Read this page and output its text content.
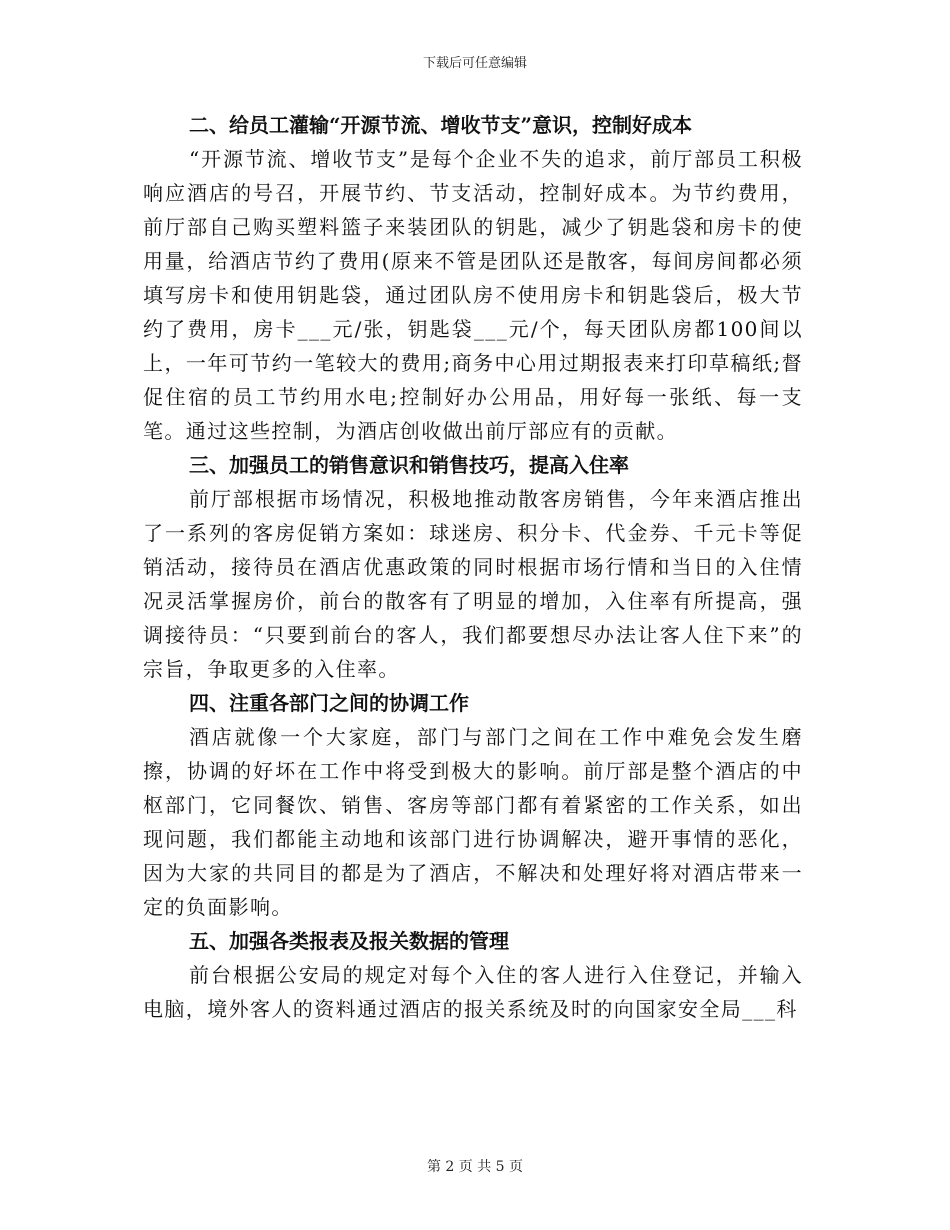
下载后可任意编辑

二、给员工灌输“开源节流、增收节支”意识，控制好成本

“开源节流、增收节支”是每个企业不失的追求，前厅部员工积极响应酒店的号召，开展节约、节支活动，控制好成本。为节约费用，前厅部自己购买塑料篮子来装团队的钥匙，减少了钥匙袋和房卡的使用量，给酒店节约了费用(原来不管是团队还是散客，每间房间都必须填写房卡和使用钥匙袋，通过团队房不使用房卡和钥匙袋后，极大节约了费用，房卡___元/张，钥匙袋___元/个，每天团队房都100间以上，一年可节约一笔较大的费用;商务中心用过期报表来打印草稿纸;督促住宿的员工节约用水电;控制好办公用品，用好每一张纸、每一支笔。通过这些控制，为酒店创收做出前厅部应有的贡献。

三、加强员工的销售意识和销售技巧，提高入住率

前厅部根据市场情况，积极地推动散客房销售，今年来酒店推出了一系列的客房促销方案如：球迷房、积分卡、代金券、千元卡等促销活动，接待员在酒店优惠政策的同时根据市场行情和当日的入住情况灵活掌握房价，前台的散客有了明显的增加，入住率有所提高，强调接待员：“只要到前台的客人，我们都要想尽办法让客人住下来”的宗旨，争取更多的入住率。

四、注重各部门之间的协调工作

酒店就像一个大家庭，部门与部门之间在工作中难免会发生磨擦，协调的好坏在工作中将受到极大的影响。前厅部是整个酒店的中枢部门，它同餐饮、销售、客房等部门都有着紧密的工作关系，如出现问题，我们都能主动地和该部门进行协调解决，避开事情的恶化，因为大家的共同目的都是为了酒店，不解决和处理好将对酒店带来一定的负面影响。

五、加强各类报表及报关数据的管理

前台根据公安局的规定对每个入住的客人进行入住登记，并输入电脑，境外客人的资料通过酒店的报关系统及时的向国家安全局___科

第 2 页 共 5 页
